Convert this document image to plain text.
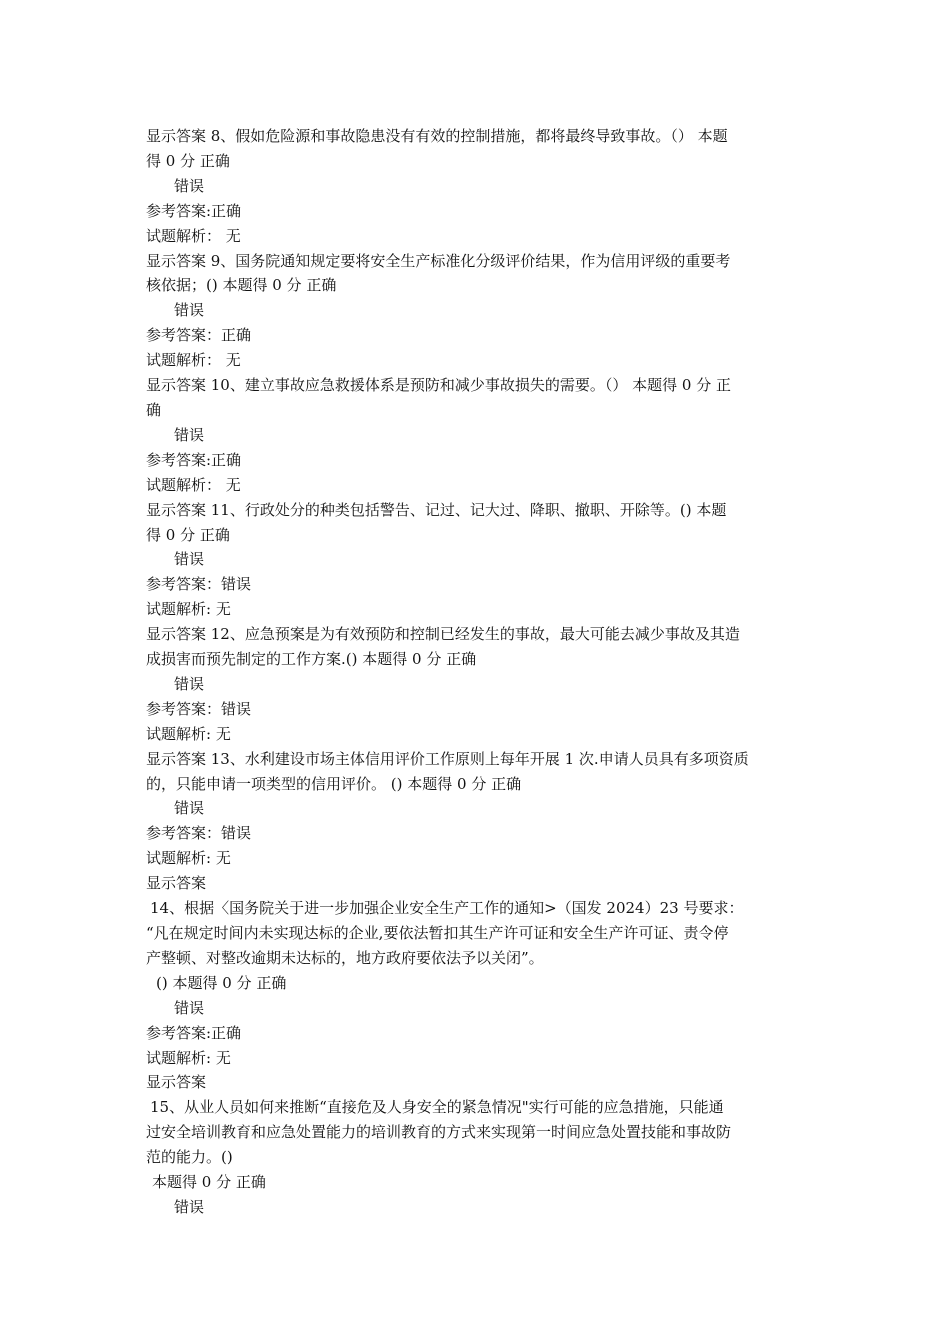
显示答案 8、假如危险源和事故隐患没有有效的控制措施，都将最终导致事故。（） 本题
得 0 分 正确
错误
参考答案:正确
试题解析： 无
显示答案 9、国务院通知规定要将安全生产标准化分级评价结果，作为信用评级的重要考
核依据；() 本题得 0 分 正确
错误
参考答案：正确
试题解析： 无
显示答案 10、建立事故应急救援体系是预防和减少事故损失的需要。（） 本题得 0 分 正
确
错误
参考答案:正确
试题解析： 无
显示答案 11、行政处分的种类包括警告、记过、记大过、降职、撤职、开除等。() 本题
得 0 分 正确
错误
参考答案：错误
试题解析: 无
显示答案 12、应急预案是为有效预防和控制已经发生的事故，最大可能去减少事故及其造
成损害而预先制定的工作方案.() 本题得 0 分 正确
错误
参考答案：错误
试题解析: 无
显示答案 13、水利建设市场主体信用评价工作原则上每年开展 1 次.申请人员具有多项资质
的，只能申请一项类型的信用评价。 () 本题得 0 分 正确
错误
参考答案：错误
试题解析: 无
显示答案
14、根据〈国务院关于进一步加强企业安全生产工作的通知>（国发 2024）23 号要求：
“凡在规定时间内未实现达标的企业,要依法暂扣其生产许可证和安全生产许可证、责令停
产整顿、对整改逾期未达标的，地方政府要依法予以关闭”。
() 本题得 0 分 正确
错误
参考答案:正确
试题解析: 无
显示答案
15、从业人员如何来推断“直接危及人身安全的紧急情况"实行可能的应急措施，只能通
过安全培训教育和应急处置能力的培训教育的方式来实现第一时间应急处置技能和事故防
范的能力。()
本题得 0 分 正确
错误
